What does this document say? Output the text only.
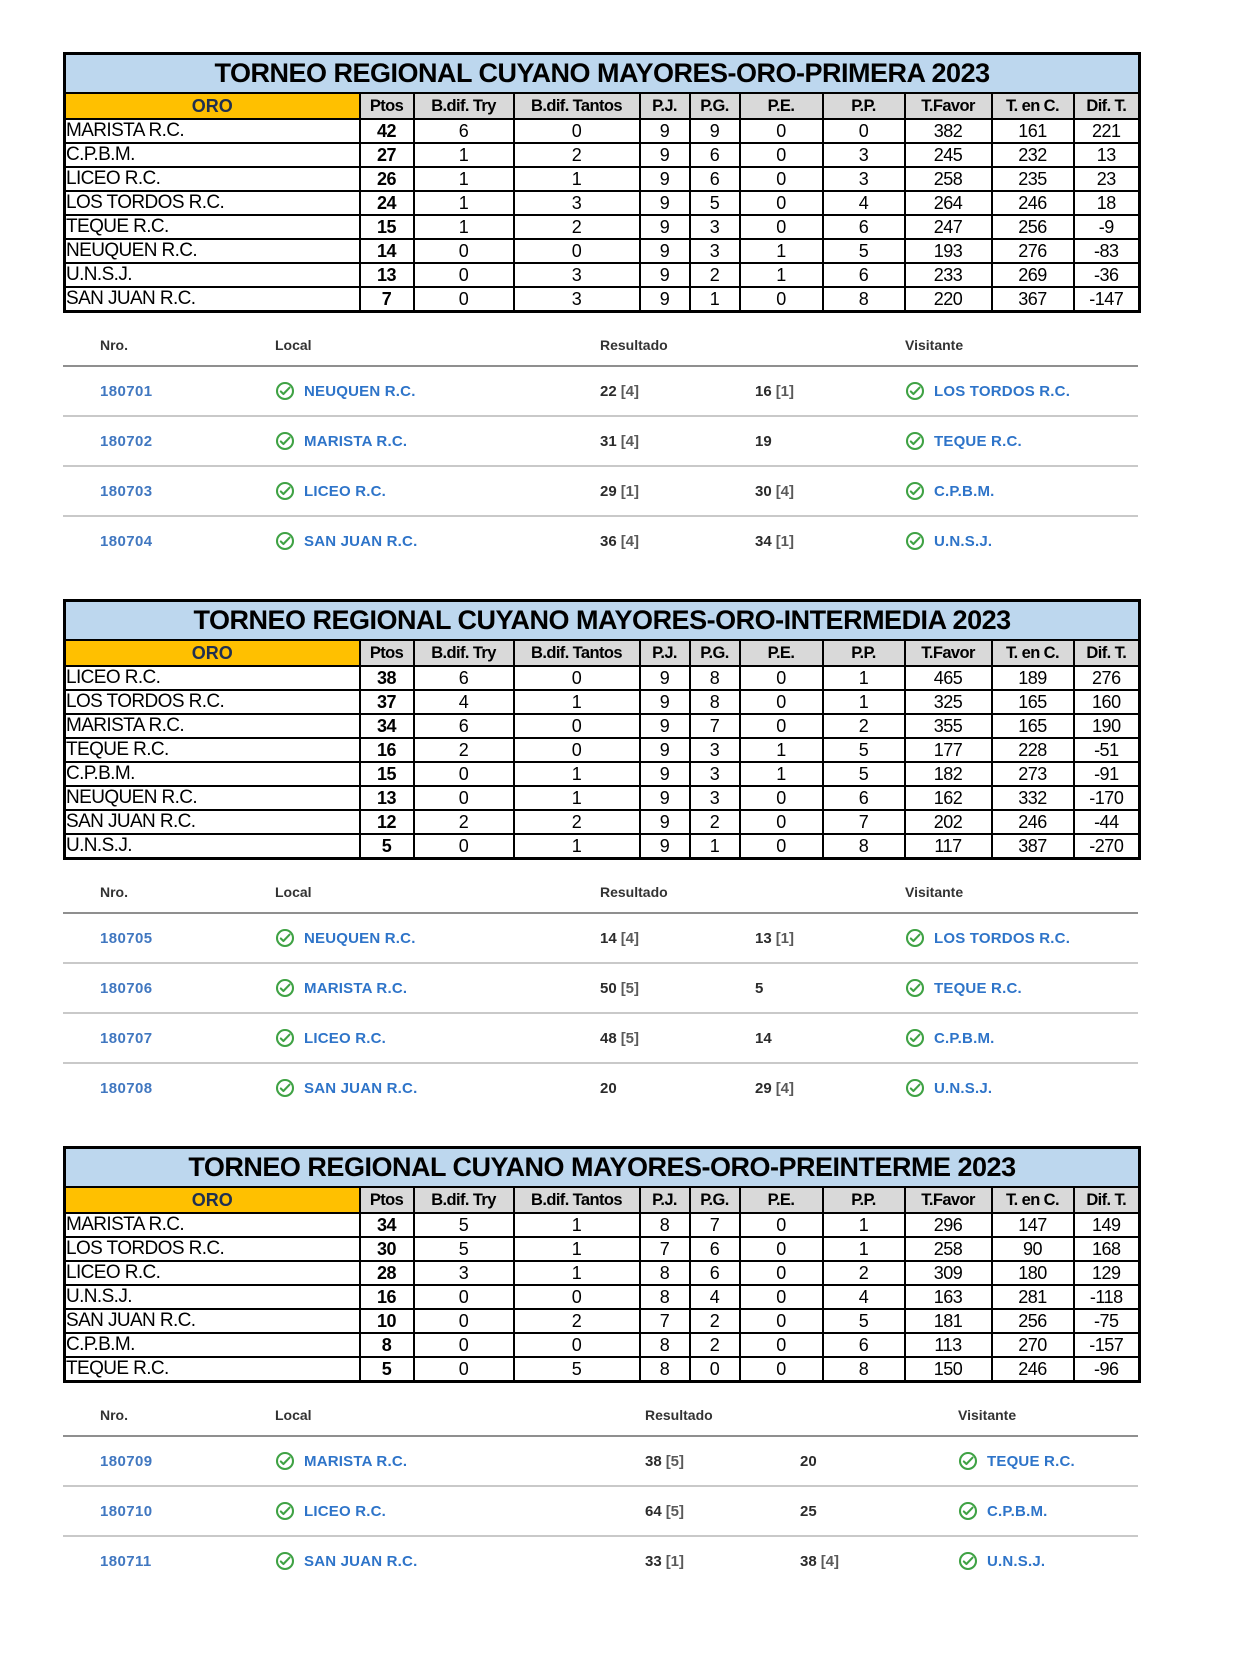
TORNEO REGIONAL CUYANO MAYORES-ORO-PRIMERA 2023										
ORO	Ptos	B.dif. Try	B.dif. Tantos	P.J.	P.G.	P.E.	P.P.	T.Favor	T. en C.	Dif. T.
MARISTA R.C.	42	6	0	9	9	0	0	382	161	221
C.P.B.M.	27	1	2	9	6	0	3	245	232	13
LICEO R.C.	26	1	1	9	6	0	3	258	235	23
LOS TORDOS R.C.	24	1	3	9	5	0	4	264	246	18
TEQUE R.C.	15	1	2	9	3	0	6	247	256	-9
NEUQUEN R.C.	14	0	0	9	3	1	5	193	276	-83
U.N.S.J.	13	0	3	9	2	1	6	233	269	-36
SAN JUAN R.C.	7	0	3	9	1	0	8	220	367	-147
Nro.	Local	Resultado	Visitante
180701	NEUQUEN R.C.	22 [4]	16 [1]	LOS TORDOS R.C.
180702	MARISTA R.C.	31 [4]	19	TEQUE R.C.
180703	LICEO R.C.	29 [1]	30 [4]	C.P.B.M.
180704	SAN JUAN R.C.	36 [4]	34 [1]	U.N.S.J.
TORNEO REGIONAL CUYANO MAYORES-ORO-INTERMEDIA 2023										
ORO	Ptos	B.dif. Try	B.dif. Tantos	P.J.	P.G.	P.E.	P.P.	T.Favor	T. en C.	Dif. T.
LICEO R.C.	38	6	0	9	8	0	1	465	189	276
LOS TORDOS R.C.	37	4	1	9	8	0	1	325	165	160
MARISTA R.C.	34	6	0	9	7	0	2	355	165	190
TEQUE R.C.	16	2	0	9	3	1	5	177	228	-51
C.P.B.M.	15	0	1	9	3	1	5	182	273	-91
NEUQUEN R.C.	13	0	1	9	3	0	6	162	332	-170
SAN JUAN R.C.	12	2	2	9	2	0	7	202	246	-44
U.N.S.J.	5	0	1	9	1	0	8	117	387	-270
Nro.	Local	Resultado	Visitante
180705	NEUQUEN R.C.	14 [4]	13 [1]	LOS TORDOS R.C.
180706	MARISTA R.C.	50 [5]	5	TEQUE R.C.
180707	LICEO R.C.	48 [5]	14	C.P.B.M.
180708	SAN JUAN R.C.	20	29 [4]	U.N.S.J.
TORNEO REGIONAL CUYANO MAYORES-ORO-PREINTERME 2023										
ORO	Ptos	B.dif. Try	B.dif. Tantos	P.J.	P.G.	P.E.	P.P.	T.Favor	T. en C.	Dif. T.
MARISTA R.C.	34	5	1	8	7	0	1	296	147	149
LOS TORDOS R.C.	30	5	1	7	6	0	1	258	90	168
LICEO R.C.	28	3	1	8	6	0	2	309	180	129
U.N.S.J.	16	0	0	8	4	0	4	163	281	-118
SAN JUAN R.C.	10	0	2	7	2	0	5	181	256	-75
C.P.B.M.	8	0	0	8	2	0	6	113	270	-157
TEQUE R.C.	5	0	5	8	0	0	8	150	246	-96
Nro.	Local	Resultado	Visitante
180709	MARISTA R.C.	38 [5]	20	TEQUE R.C.
180710	LICEO R.C.	64 [5]	25	C.P.B.M.
180711	SAN JUAN R.C.	33 [1]	38 [4]	U.N.S.J.
